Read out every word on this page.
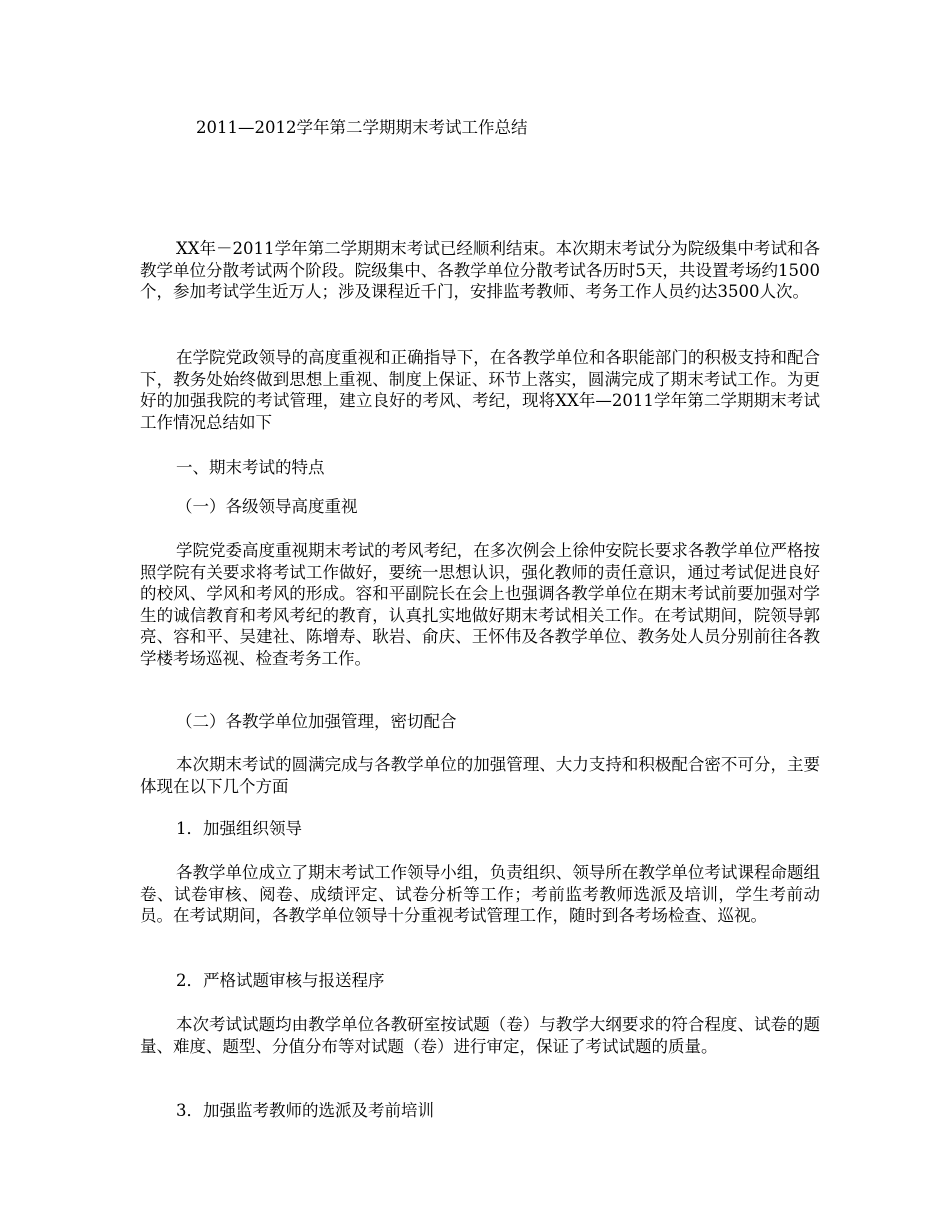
2011—2012学年第二学期期末考试工作总结

XX年－2011学年第二学期期末考试已经顺利结束。本次期末考试分为院级集中考试和各教学单位分散考试两个阶段。院级集中、各教学单位分散考试各历时5天，共设置考场约1500个，参加考试学生近万人；涉及课程近千门，安排监考教师、考务工作人员约达3500人次。

在学院党政领导的高度重视和正确指导下，在各教学单位和各职能部门的积极支持和配合下，教务处始终做到思想上重视、制度上保证、环节上落实，圆满完成了期末考试工作。为更好的加强我院的考试管理，建立良好的考风、考纪，现将XX年—2011学年第二学期期末考试工作情况总结如下

一、期末考试的特点
（一）各级领导高度重视

学院党委高度重视期末考试的考风考纪，在多次例会上徐仲安院长要求各教学单位严格按照学院有关要求将考试工作做好，要统一思想认识，强化教师的责任意识，通过考试促进良好的校风、学风和考风的形成。容和平副院长在会上也强调各教学单位在期末考试前要加强对学生的诚信教育和考风考纪的教育，认真扎实地做好期末考试相关工作。在考试期间，院领导郭亮、容和平、吴建社、陈增寿、耿岩、俞庆、王怀伟及各教学单位、教务处人员分别前往各教学楼考场巡视、检查考务工作。

（二）各教学单位加强管理，密切配合

本次期末考试的圆满完成与各教学单位的加强管理、大力支持和积极配合密不可分，主要体现在以下几个方面

1．加强组织领导

各教学单位成立了期末考试工作领导小组，负责组织、领导所在教学单位考试课程命题组卷、试卷审核、阅卷、成绩评定、试卷分析等工作；考前监考教师选派及培训，学生考前动员。在考试期间，各教学单位领导十分重视考试管理工作，随时到各考场检查、巡视。

2．严格试题审核与报送程序

本次考试试题均由教学单位各教研室按试题（卷）与教学大纲要求的符合程度、试卷的题量、难度、题型、分值分布等对试题（卷）进行审定，保证了考试试题的质量。

3．加强监考教师的选派及考前培训
